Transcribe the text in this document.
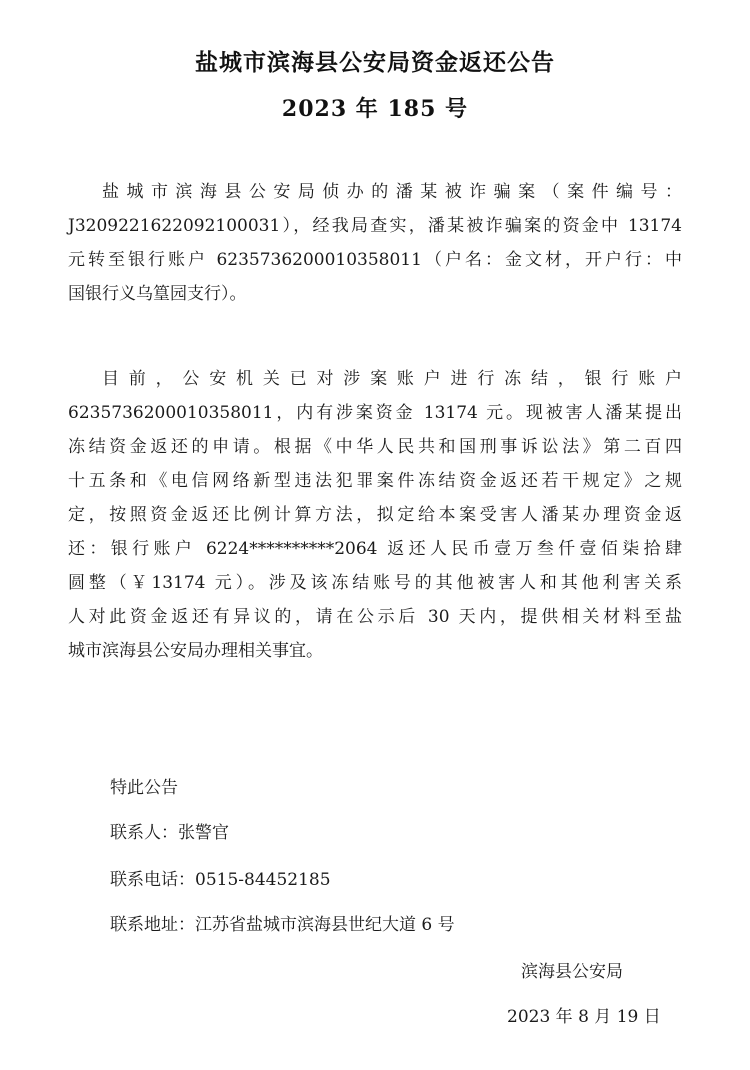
盐城市滨海县公安局资金返还公告
2023 年 185 号
盐城市滨海县公安局侦办的潘某被诈骗案（案件编号：
J3209221622092100031），经我局查实，潘某被诈骗案的资金中 13174
元转至银行账户 6235736200010358011（户名：金文材，开户行：中
国银行义乌篁园支行）。
目前，公安机关已对涉案账户进行冻结，银行账户
6235736200010358011，内有涉案资金 13174 元。现被害人潘某提出
冻结资金返还的申请。根据《中华人民共和国刑事诉讼法》第二百四
十五条和《电信网络新型违法犯罪案件冻结资金返还若干规定》之规
定，按照资金返还比例计算方法，拟定给本案受害人潘某办理资金返
还：银行账户 6224**********2064 返还人民币壹万叁仟壹佰柒拾肆
圆整（￥13174 元）。涉及该冻结账号的其他被害人和其他利害关系
人对此资金返还有异议的，请在公示后 30 天内，提供相关材料至盐
城市滨海县公安局办理相关事宜。
特此公告
联系人：张警官
联系电话：0515-84452185
联系地址：江苏省盐城市滨海县世纪大道 6 号
滨海县公安局
2023 年 8 月 19 日
